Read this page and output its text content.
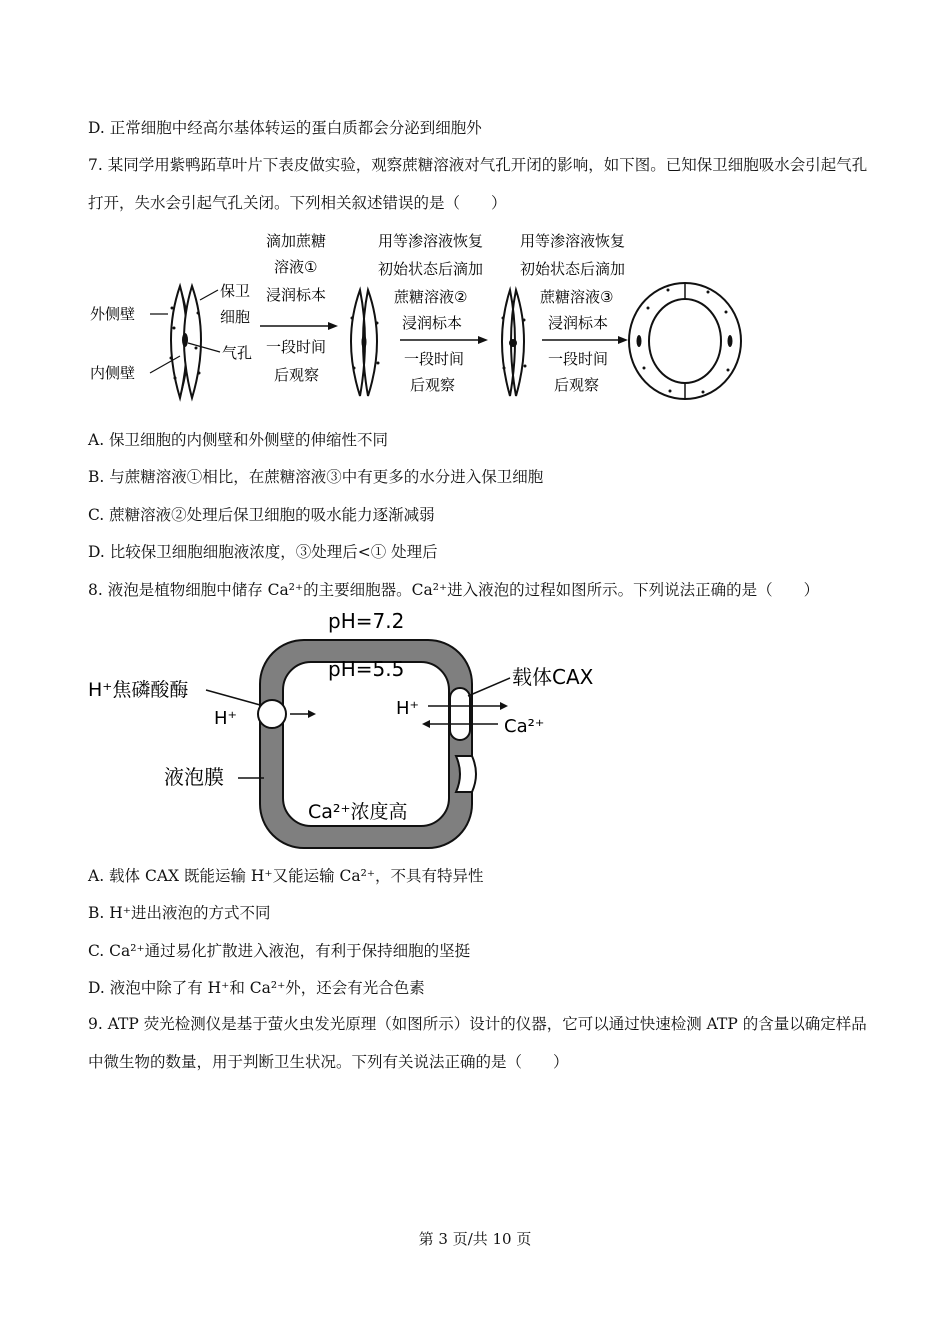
D. 正常细胞中经高尔基体转运的蛋白质都会分泌到细胞外
7. 某同学用紫鸭跖草叶片下表皮做实验，观察蔗糖溶液对气孔开闭的影响，如下图。已知保卫细胞吸水会引起气孔打开，失水会引起气孔关闭。下列相关叙述错误的是（　　）
外侧壁
内侧壁
保卫
细胞
气孔
滴加蔗糖
溶液①
浸润标本
一段时间
后观察
用等渗溶液恢复
初始状态后滴加
蔗糖溶液②
浸润标本
一段时间
后观察
用等渗溶液恢复
初始状态后滴加
蔗糖溶液③
浸润标本
一段时间
后观察
A. 保卫细胞的内侧壁和外侧壁的伸缩性不同
B. 与蔗糖溶液①相比，在蔗糖溶液③中有更多的水分进入保卫细胞
C. 蔗糖溶液②处理后保卫细胞的吸水能力逐渐减弱
D. 比较保卫细胞细胞液浓度，③处理后<① 处理后
8. 液泡是植物细胞中储存 Ca²⁺的主要细胞器。Ca²⁺进入液泡的过程如图所示。下列说法正确的是（　　）
pH=7.2
pH=5.5
H⁺焦磷酸酶
H⁺
载体CAX
H⁺
Ca²⁺
液泡膜
Ca²⁺浓度高
A. 载体 CAX 既能运输 H⁺又能运输 Ca²⁺，不具有特异性
B. H⁺进出液泡的方式不同
C. Ca²⁺通过易化扩散进入液泡，有利于保持细胞的坚挺
D. 液泡中除了有 H⁺和 Ca²⁺外，还会有光合色素
9. ATP 荧光检测仪是基于萤火虫发光原理（如图所示）设计的仪器，它可以通过快速检测 ATP 的含量以确定样品中微生物的数量，用于判断卫生状况。下列有关说法正确的是（　　）
第 3 页/共 10 页
